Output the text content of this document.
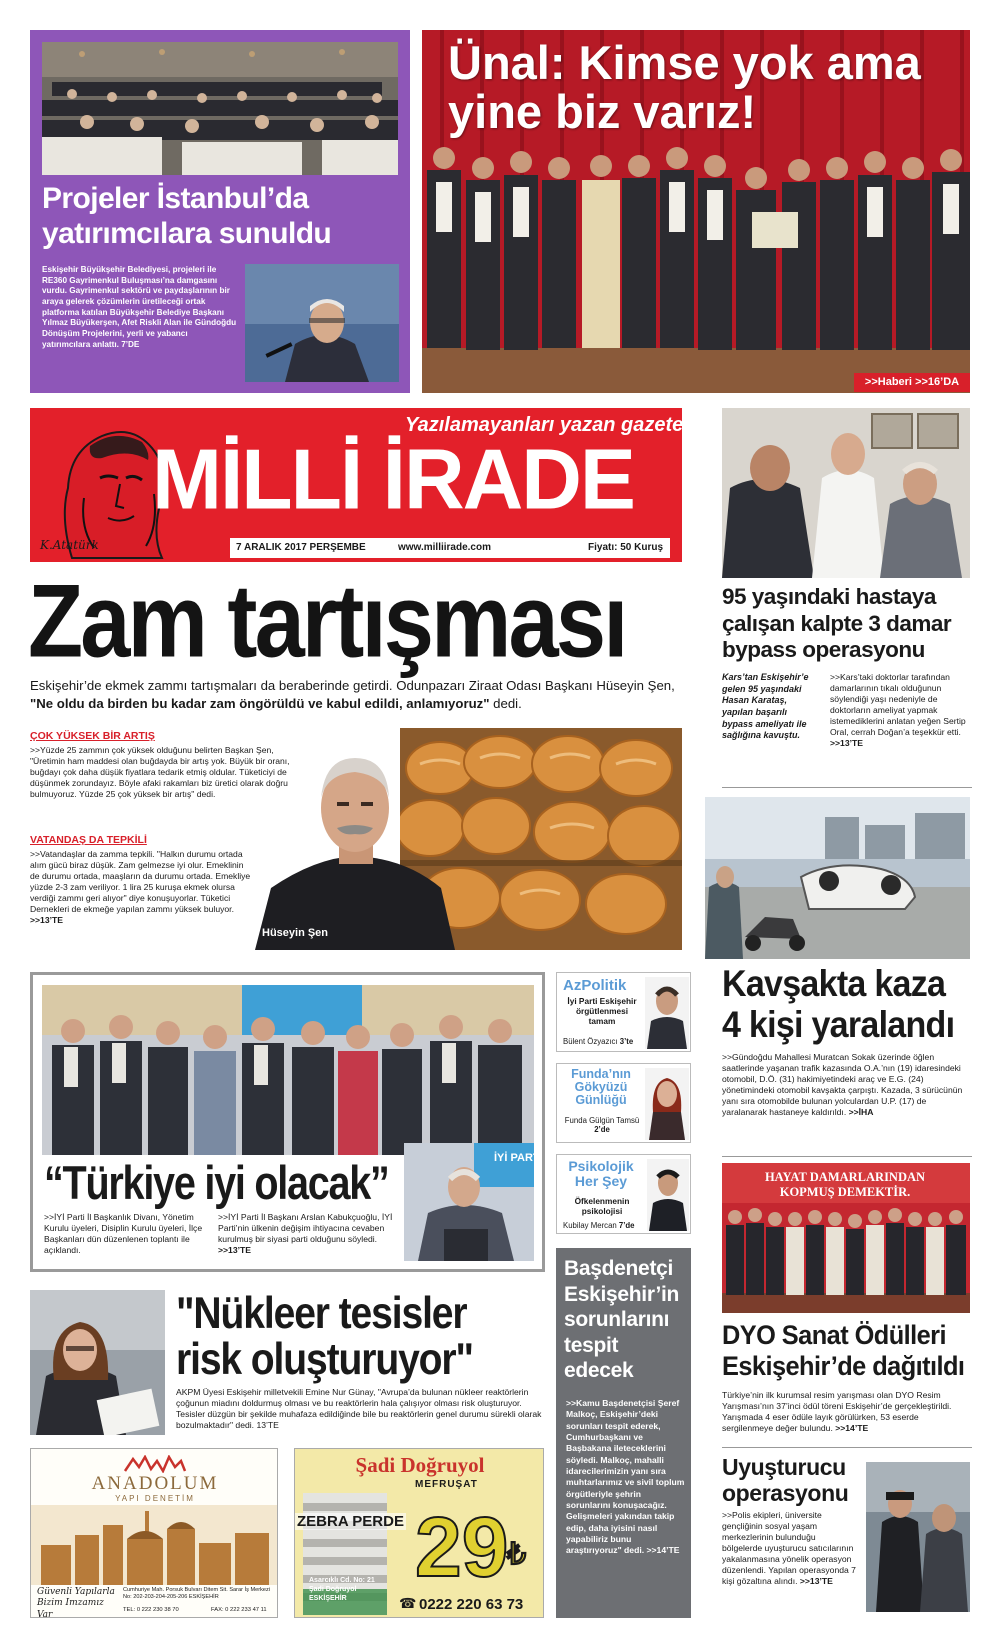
Projeler İstanbul’da yatırımcılara sunuldu
Eskişehir Büyükşehir Belediyesi, projeleri ile RE360 Gayrimenkul Buluşması’na damgasını vurdu. Gayrimenkul sektörü ve paydaşlarının bir araya gelerek çözümlerin üretileceği ortak platforma katılan Büyükşehir Belediye Başkanı Yılmaz Büyükerşen, Afet Riskli Alan ile Gündoğdu Dönüşüm Projelerini, yerli ve yabancı yatırımcılara anlattı. 7’DE
Ünal: Kimse yok ama
yine biz varız!
>>Haberi >>16’DA
K.Atatürk
Yazılamayanları yazan gazete
MİLLİ İRADE
7 ARALIK 2017 PERŞEMBE	www.milliirade.com	Fiyatı: 50 Kuruş
Zam tartışması
Eskişehir’de ekmek zammı tartışmaları da beraberinde getirdi. Odunpazarı Ziraat Odası Başkanı Hüseyin Şen, "Ne oldu da birden bu kadar zam öngörüldü ve kabul edildi, anlamıyoruz" dedi.
ÇOK YÜKSEK BİR ARTIŞ
>>Yüzde 25 zammın çok yüksek olduğunu belirten Başkan Şen, "Üretimin ham maddesi olan buğdayda bir artış yok. Büyük bir oranı, buğdayı çok daha düşük fiyatlara tedarik etmiş oldular. Tüketiciyi de düşünmek zorundayız. Böyle afaki rakamları biz üretici olarak doğru bulmuyoruz. Yüzde 25 çok yüksek bir artış" dedi.
VATANDAŞ DA TEPKİLİ
>>Vatandaşlar da zamma tepkili. "Halkın durumu ortada alım gücü biraz düşük. Zam gelmezse iyi olur. Emeklinin de durumu ortada, maaşların da durumu ortada. Emekliye yüzde 2-3 zam veriliyor. 1 lira 25 kuruşa ekmek olursa verdiği zammı geri alıyor" diye konuşuyorlar. Tüketici Dernekleri de ekmeğe yapılan zammı yüksek buluyor. >>13’TE
Hüseyin Şen
95 yaşındaki hastaya çalışan kalpte 3 damar bypass operasyonu
Kars’tan Eskişehir’e gelen 95 yaşındaki Hasan Karataş, yapılan başarılı bypass ameliyatı ile sağlığına kavuştu.
>>Kars’taki doktorlar tarafından damarlarının tıkalı olduğunun söylendiği yaşı nedeniyle de doktorların ameliyat yapmak istemediklerini anlatan yeğen Sertip Oral, cerrah Doğan’a teşekkür etti. >>13’TE
Kavşakta kaza
4 kişi yaralandı
>>Gündoğdu Mahallesi Muratcan Sokak üzerinde öğlen saatlerinde yaşanan trafik kazasında O.A.’nın (19) idaresindeki otomobil, D.Ö. (31) hakimiyetindeki araç ve E.G. (24) yönetimindeki otomobil kavşakta çarpıştı. Kazada, 3 sürücünün yanı sıra otomobilde bulunan yolculardan U.P. (17) de yaralanarak hastaneye kaldırıldı. >>İHA
HAYAT DAMARLARINDAN KOPMUŞ DEMEKTİR.
DYO Sanat Ödülleri
Eskişehir’de dağıtıldı
Türkiye’nin ilk kurumsal resim yarışması olan DYO Resim Yarışması’nın 37’inci ödül töreni Eskişehir’de gerçekleştirildi. Yarışmada 4 eser ödüle layık görülürken, 53 eserde sergilenmeye değer bulundu. >>14’TE
Uyuşturucu
operasyonu
>>Polis ekipleri, üniversite gençliğinin sosyal yaşam merkezlerinin bulunduğu bölgelerde uyuşturucu satıcılarının yakalanmasına yönelik operasyon düzenlendi. Yapılan operasyonda 7 kişi gözaltına alındı. >>13’TE
“Türkiye iyi olacak”
>>İYİ Parti İl Başkanlık Divanı, Yönetim Kurulu üyeleri, Disiplin Kurulu üyeleri, İlçe Başkanları dün düzenlenen toplantı ile açıklandı.
>>İYİ Parti İl Başkanı Arslan Kabukçuoğlu, İYİ Parti’nin ülkenin değişim ihtiyacına cevaben kurulmuş bir siyasi parti olduğunu söyledi. >>13’TE
İYİ PARTİ
AzPolitik
İyi Parti Eskişehir örgütlenmesi tamam
Bülent Özyazıcı 3’te
Funda’nın Gökyüzü Günlüğü
Funda Gülgün Tamsü 2’de
Psikolojik Her Şey
Öfkelenmenin psikolojisi
Kubilay Mercan 7’de
Başdenetçi Eskişehir’in sorunlarını tespit edecek
>>Kamu Başdenetçisi Şeref Malkoç, Eskişehir’deki sorunları tespit ederek, Cumhurbaşkanı ve Başbakana ileteceklerini söyledi. Malkoç, mahalli idarecilerimizin yanı sıra muhtarlarımız ve sivil toplum örgütleriyle şehrin sorunlarını konuşacağız. Gelişmeleri yakından takip edip, daha iyisini nasıl yapabiliriz bunu araştırıyoruz" dedi. >>14’TE
"Nükleer tesisler
risk oluşturuyor"
AKPM Üyesi Eskişehir milletvekili Emine Nur Günay, "Avrupa’da bulunan nükleer reaktörlerin çoğunun miadını doldurmuş olması ve bu reaktörlerin hala çalışıyor olması risk oluşturuyor. Tesisler düzgün bir şekilde muhafaza edildiğinde bile bu reaktörlerin genel durumu sürekli olarak bozulmaktadır" dedi. 13’TE
ANADOLUM
YAPI DENETİM
Güvenli Yapılarla
Bizim Imzamız Var
Cumhuriye Mah. Porsuk Bulvarı Ditem Sit. Sarar İş Merkezi No: 202-203-204-205-206 ESKİŞEHİR
TEL: 0 222 230 38 70	FAX: 0 222 233 47 11
Şadi Doğruyol
MEFRUŞAT
ZEBRA PERDE 29
₺
Asarcıklı Cd. No: 21
Şadi Doğruyol
ESKİŞEHİR	☎ 0222 220 63 73
